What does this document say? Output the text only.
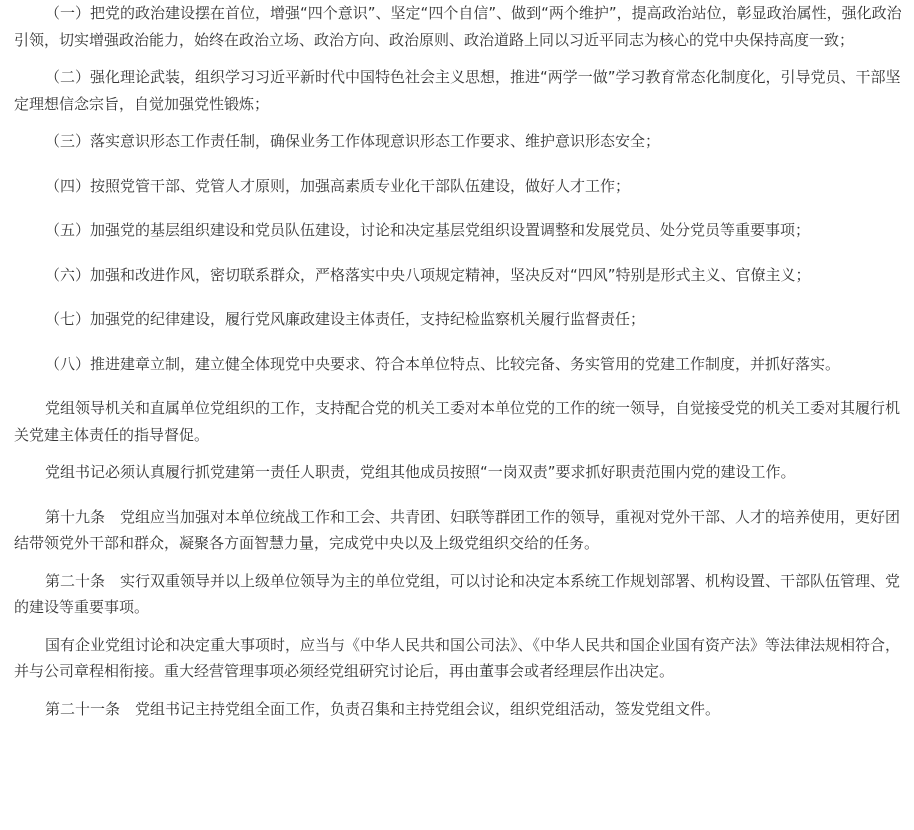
（一）把党的政治建设摆在首位，增强“四个意识”、坚定“四个自信”、做到“两个维护”，提高政治站位，彰显政治属性，强化政治引领，切实增强政治能力，始终在政治立场、政治方向、政治原则、政治道路上同以习近平同志为核心的党中央保持高度一致；

（二）强化理论武装，组织学习习近平新时代中国特色社会主义思想，推进“两学一做”学习教育常态化制度化，引导党员、干部坚定理想信念宗旨，自觉加强党性锻炼；

（三）落实意识形态工作责任制，确保业务工作体现意识形态工作要求、维护意识形态安全；

（四）按照党管干部、党管人才原则，加强高素质专业化干部队伍建设，做好人才工作；

（五）加强党的基层组织建设和党员队伍建设，讨论和决定基层党组织设置调整和发展党员、处分党员等重要事项；

（六）加强和改进作风，密切联系群众，严格落实中央八项规定精神，坚决反对“四风”特别是形式主义、官僚主义；

（七）加强党的纪律建设，履行党风廉政建设主体责任，支持纪检监察机关履行监督责任；

（八）推进建章立制，建立健全体现党中央要求、符合本单位特点、比较完备、务实管用的党建工作制度，并抓好落实。

党组领导机关和直属单位党组织的工作，支持配合党的机关工委对本单位党的工作的统一领导，自觉接受党的机关工委对其履行机关党建主体责任的指导督促。

党组书记必须认真履行抓党建第一责任人职责，党组其他成员按照“一岗双责”要求抓好职责范围内党的建设工作。

第十九条　党组应当加强对本单位统战工作和工会、共青团、妇联等群团工作的领导，重视对党外干部、人才的培养使用，更好团结带领党外干部和群众，凝聚各方面智慧力量，完成党中央以及上级党组织交给的任务。

第二十条　实行双重领导并以上级单位领导为主的单位党组，可以讨论和决定本系统工作规划部署、机构设置、干部队伍管理、党的建设等重要事项。

国有企业党组讨论和决定重大事项时，应当与《中华人民共和国公司法》、《中华人民共和国企业国有资产法》等法律法规相符合，并与公司章程相衔接。重大经营管理事项必须经党组研究讨论后，再由董事会或者经理层作出决定。

第二十一条　党组书记主持党组全面工作，负责召集和主持党组会议，组织党组活动，签发党组文件。
